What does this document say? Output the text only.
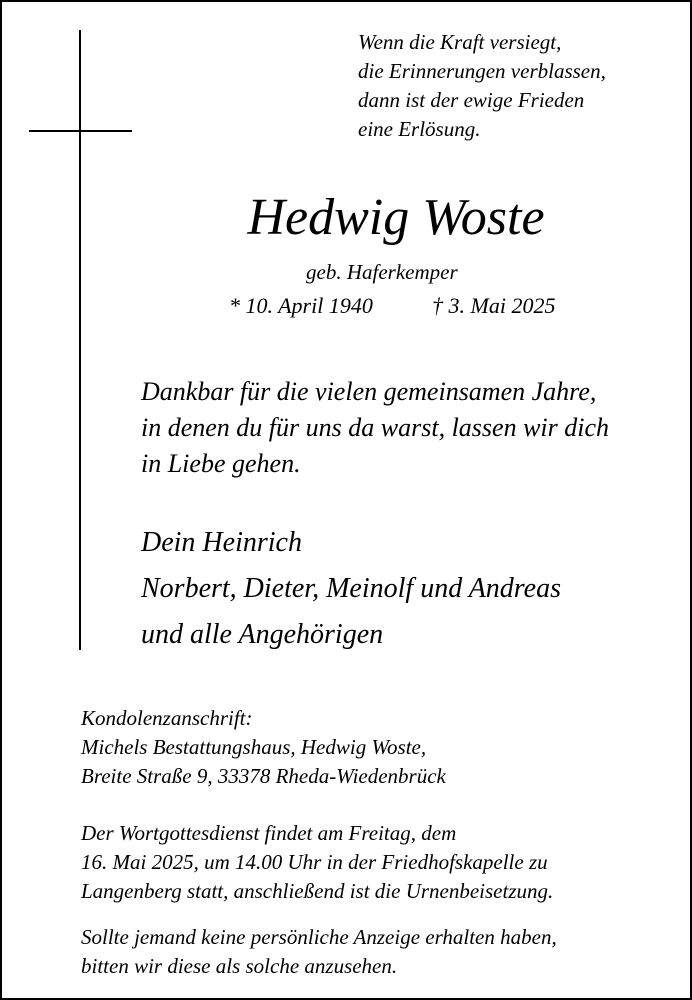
Wenn die Kraft versiegt,
die Erinnerungen verblassen,
dann ist der ewige Frieden
eine Erlösung.
Hedwig Woste
geb. Haferkemper
* 10. April 1940	† 3. Mai 2025
Dankbar für die vielen gemeinsamen Jahre,
in denen du für uns da warst, lassen wir dich
in Liebe gehen.
Dein Heinrich
Norbert, Dieter, Meinolf und Andreas
und alle Angehörigen
Kondolenzanschrift:
Michels Bestattungshaus, Hedwig Woste,
Breite Straße 9, 33378 Rheda-Wiedenbrück
Der Wortgottesdienst findet am Freitag, dem
16. Mai 2025, um 14.00 Uhr in der Friedhofskapelle zu
Langenberg statt, anschließend ist die Urnenbeisetzung.
Sollte jemand keine persönliche Anzeige erhalten haben,
bitten wir diese als solche anzusehen.
